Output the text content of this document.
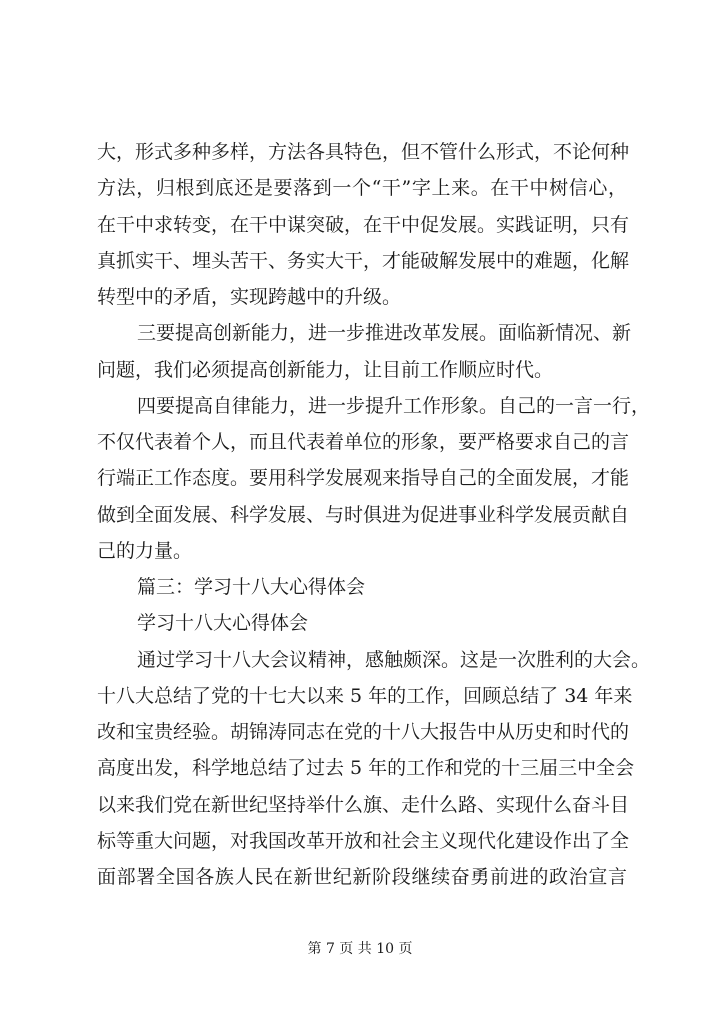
大，形式多种多样，方法各具特色，但不管什么形式，不论何种
方法，归根到底还是要落到一个“干”字上来。在干中树信心，
在干中求转变，在干中谋突破，在干中促发展。实践证明，只有
真抓实干、埋头苦干、务实大干，才能破解发展中的难题，化解
转型中的矛盾，实现跨越中的升级。
三要提高创新能力，进一步推进改革发展。面临新情况、新
问题，我们必须提高创新能力，让目前工作顺应时代。
四要提高自律能力，进一步提升工作形象。自己的一言一行，
不仅代表着个人，而且代表着单位的形象，要严格要求自己的言
行端正工作态度。要用科学发展观来指导自己的全面发展，才能
做到全面发展、科学发展、与时俱进为促进事业科学发展贡献自
己的力量。
篇三：学习十八大心得体会
学习十八大心得体会
通过学习十八大会议精神，感触颇深。这是一次胜利的大会。
十八大总结了党的十七大以来 5 年的工作，回顾总结了 34 年来
改和宝贵经验。胡锦涛同志在党的十八大报告中从历史和时代的
高度出发，科学地总结了过去 5 年的工作和党的十三届三中全会
以来我们党在新世纪坚持举什么旗、走什么路、实现什么奋斗目
标等重大问题，对我国改革开放和社会主义现代化建设作出了全
面部署全国各族人民在新世纪新阶段继续奋勇前进的政治宣言
第 7 页 共 10 页
